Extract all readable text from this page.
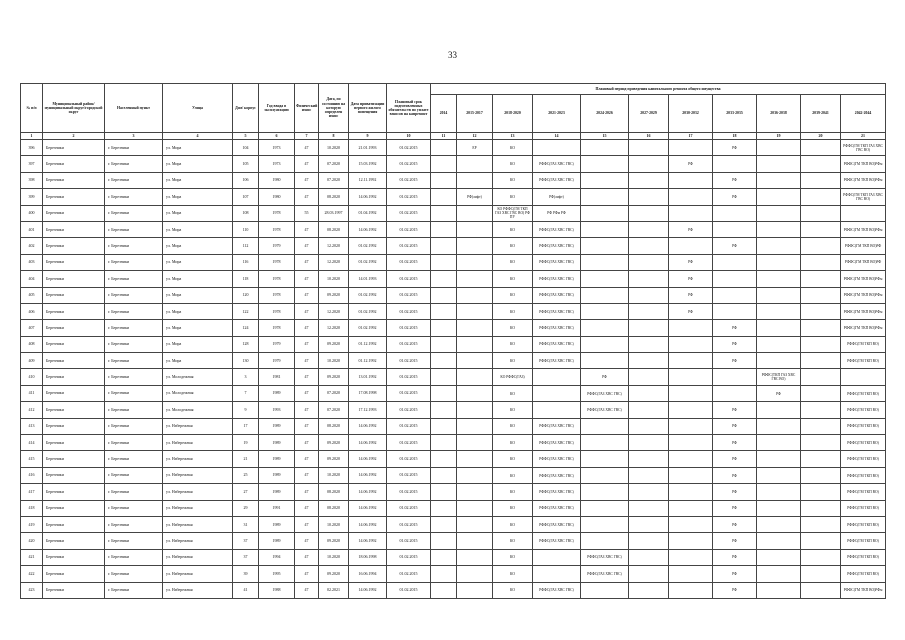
33
№ п/п	Муниципальный район/муниципальный округ/городской округ	Населенный пункт	Улица	Дом/ корпус	Год ввода в эксплуатацию	Физический износ	Дата, по состоянию на которую определен износ	Дата приватизации первого жилого помещения	Плановый срок подготовленных обязательств по уплате взносов на капремонт	Плановый период проведения капитального ремонта общего имущества										
										2014	2015-2017	2018-2020	2021-2023	2024-2026	2027-2029	2030-2032	2033-2035	2036-2038	2039-2041	2042-2044
1	2	3	4	5	6	7	8	9	10	11	12	13	14	15	16	17	18	19	20	21
396	Березники	г. Березники	ул. Мира	104	1973	47	10.2020	21.01.1993	01.02.2015		ЕР	КО					РФ			РФФС(ГМ ТКП ГАЗ ХВС ГВС ВО)
397	Березники	г. Березники	ул. Мира	105	1973	47	07.2020	15.03.1992	01.02.2015			КО	РФФС(ГАЗ ХВС ГВС)			РФ				РФФС(ГМ ТКП ВО)РФм
398	Березники	г. Березники	ул. Мира	106	1980	47	07.2020	12.11.1992	01.02.2015			КО	РФФС(ГАЗ ХВС ГВС)				РФ			РФФС(ГМ ТКП ВО)РФм
399	Березники	г. Березники	ул. Мира	107	1980	47	08.2020	14.06.1992	01.02.2015		РФ(лифт)	КО	РФ(лифт)				РФ			РФФС(ГМ ТКП ГАЗ ХВС ГВС ВО)
400	Березники	г. Березники	ул. Мира	108	1978	55	28.03.1997	01.04.1992	01.02.2015			КО РФФС(ГМ ТКП ГАЗ ХВС ГВС ВО) РФ ПУ	РФ РФм РФ							
401	Березники	г. Березники	ул. Мира	110	1978	47	08.2020	14.06.1992	01.02.2015			КО	РФФС(ГАЗ ХВС ГВС)			РФ				РФФС(ГМ ТКП ВО)РФм
402	Березники	г. Березники	ул. Мира	112	1979	47	12.2020	01.02.1992	01.02.2015			КО	РФФС(ГАЗ ХВС ГВС)				РФ			РФФС(ГМ ТКП ВО)РФ
403	Березники	г. Березники	ул. Мира	116	1978	47	12.2020	01.02.1992	01.02.2015			КО	РФФС(ГАЗ ХВС ГВС)			РФ				РФФС(ГМ ТКП ВО)РФ
404	Березники	г. Березники	ул. Мира	118	1978	47	10.2020	14.01.1993	01.02.2015			КО	РФФС(ГАЗ ХВС ГВС)			РФ				РФФС(ГМ ТКП ВО)РФм
405	Березники	г. Березники	ул. Мира	120	1978	47	09.2020	01.02.1992	01.02.2015			КО	РФФС(ГАЗ ХВС ГВС)			РФ				РФФС(ГМ ТКП ВО)РФм
406	Березники	г. Березники	ул. Мира	122	1978	47	12.2020	01.02.1992	01.02.2015			КО	РФФС(ГАЗ ХВС ГВС)			РФ				РФФС(ГМ ТКП ВО)РФм
407	Березники	г. Березники	ул. Мира	124	1978	47	12.2020	01.02.1992	01.02.2015			КО	РФФС(ГАЗ ХВС ГВС)				РФ			РФФС(ГМ ТКП ВО)РФм
408	Березники	г. Березники	ул. Мира	128	1979	47	09.2020	01.12.1992	01.02.2015			КО	РФФС(ГАЗ ХВС ГВС)				РФ			РФФС(ГМ ТКП ВО)
409	Березники	г. Березники	ул. Мира	130	1979	47	10.2020	01.12.1992	01.02.2015			КО	РФФС(ГАЗ ХВС ГВС)				РФ			РФФС(ГМ ТКП ВО)
410	Березники	г. Березники	ул. Молодежная	3	1981	47	09.2020	13.01.1992	01.02.2015			КО РФФС(ГАЗ)		РФ				РФФС(ТКП ГАЗ ХВС ГВС ВО)		
411	Березники	г. Березники	ул. Молодежная	7	1989	47	07.2020	17.08.1998	01.02.2015			КО		РФФС(ГАЗ ХВС ГВС)				РФ		РФФС(ГМ ТКП ВО)
412	Березники	г. Березники	ул. Молодежная	9	1993	47	07.2020	17.12.1993	01.02.2015			КО		РФФС(ГАЗ ХВС ГВС)			РФ			РФФС(ГМ ТКП ВО)
413	Березники	г. Березники	ул. Набережная	17	1989	47	08.2020	14.06.1992	01.02.2015			КО	РФФС(ГАЗ ХВС ГВС)				РФ			РФФС(ГМ ТКП ВО)
414	Березники	г. Березники	ул. Набережная	19	1989	47	09.2020	14.06.1992	01.02.2015			КО	РФФС(ГАЗ ХВС ГВС)				РФ			РФФС(ГМ ТКП ВО)
415	Березники	г. Березники	ул. Набережная	21	1989	47	09.2020	14.06.1992	01.02.2015			КО	РФФС(ГАЗ ХВС ГВС)				РФ			РФФС(ГМ ТКП ВО)
416	Березники	г. Березники	ул. Набережная	25	1989	47	10.2020	14.06.1992	01.02.2015			КО	РФФС(ГАЗ ХВС ГВС)				РФ			РФФС(ГМ ТКП ВО)
417	Березники	г. Березники	ул. Набережная	27	1989	47	08.2020	14.06.1992	01.02.2015			КО	РФФС(ГАЗ ХВС ГВС)				РФ			РФФС(ГМ ТКП ВО)
418	Березники	г. Березники	ул. Набережная	29	1991	47	08.2020	14.06.1992	01.02.2015			КО	РФФС(ГАЗ ХВС ГВС)				РФ			РФФС(ГМ ТКП ВО)
419	Березники	г. Березники	ул. Набережная	31	1989	47	10.2020	14.06.1992	01.02.2015			КО	РФФС(ГАЗ ХВС ГВС)				РФ			РФФС(ГМ ТКП ВО)
420	Березники	г. Березники	ул. Набережная	37	1989	47	09.2020	14.06.1992	01.02.2015			КО	РФФС(ГАЗ ХВС ГВС)				РФ			РФФС(ГМ ТКП ВО)
421	Березники	г. Березники	ул. Набережная	37	1994	47	10.2020	18.06.1998	01.02.2015			КО		РФФС(ГАЗ ХВС ГВС)			РФ			РФФС(ГМ ТКП ВО)
422	Березники	г. Березники	ул. Набережная	39	1995	47	09.2020	16.06.1994	01.02.2015			КО		РФФС(ГАЗ ХВС ГВС)			РФ			РФФС(ГМ ТКП ВО)
423	Березники	г. Березники	ул. Набережная	41	1988	47	02.2021	14.06.1992	01.02.2015			КО	РФФС(ГАЗ ХВС ГВС)				РФ			РФФС(ГМ ТКП ВО)РФм
